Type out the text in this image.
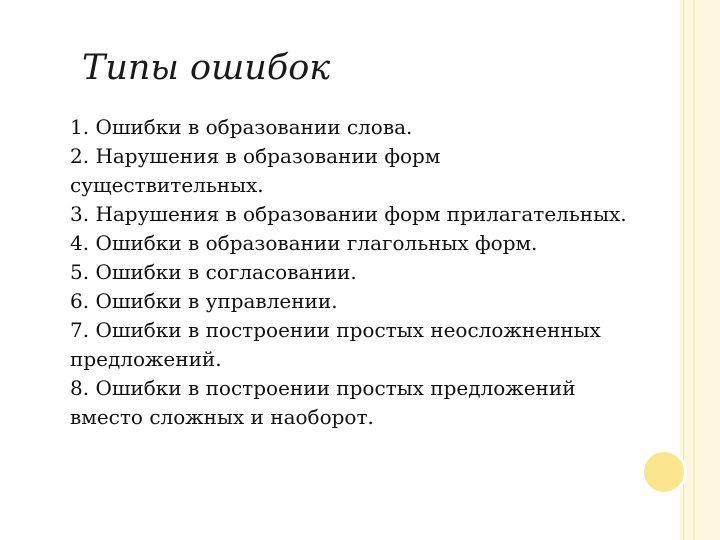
Типы ошибок
1. Ошибки в образовании слова.
2. Нарушения в образовании форм существительных.
3. Нарушения в образовании форм прилагательных.
4. Ошибки в образовании глагольных форм.
5. Ошибки в согласовании.
6. Ошибки в управлении.
7. Ошибки в построении простых неосложненных предложений.
8. Ошибки в построении простых предложений вместо сложных и наоборот.
